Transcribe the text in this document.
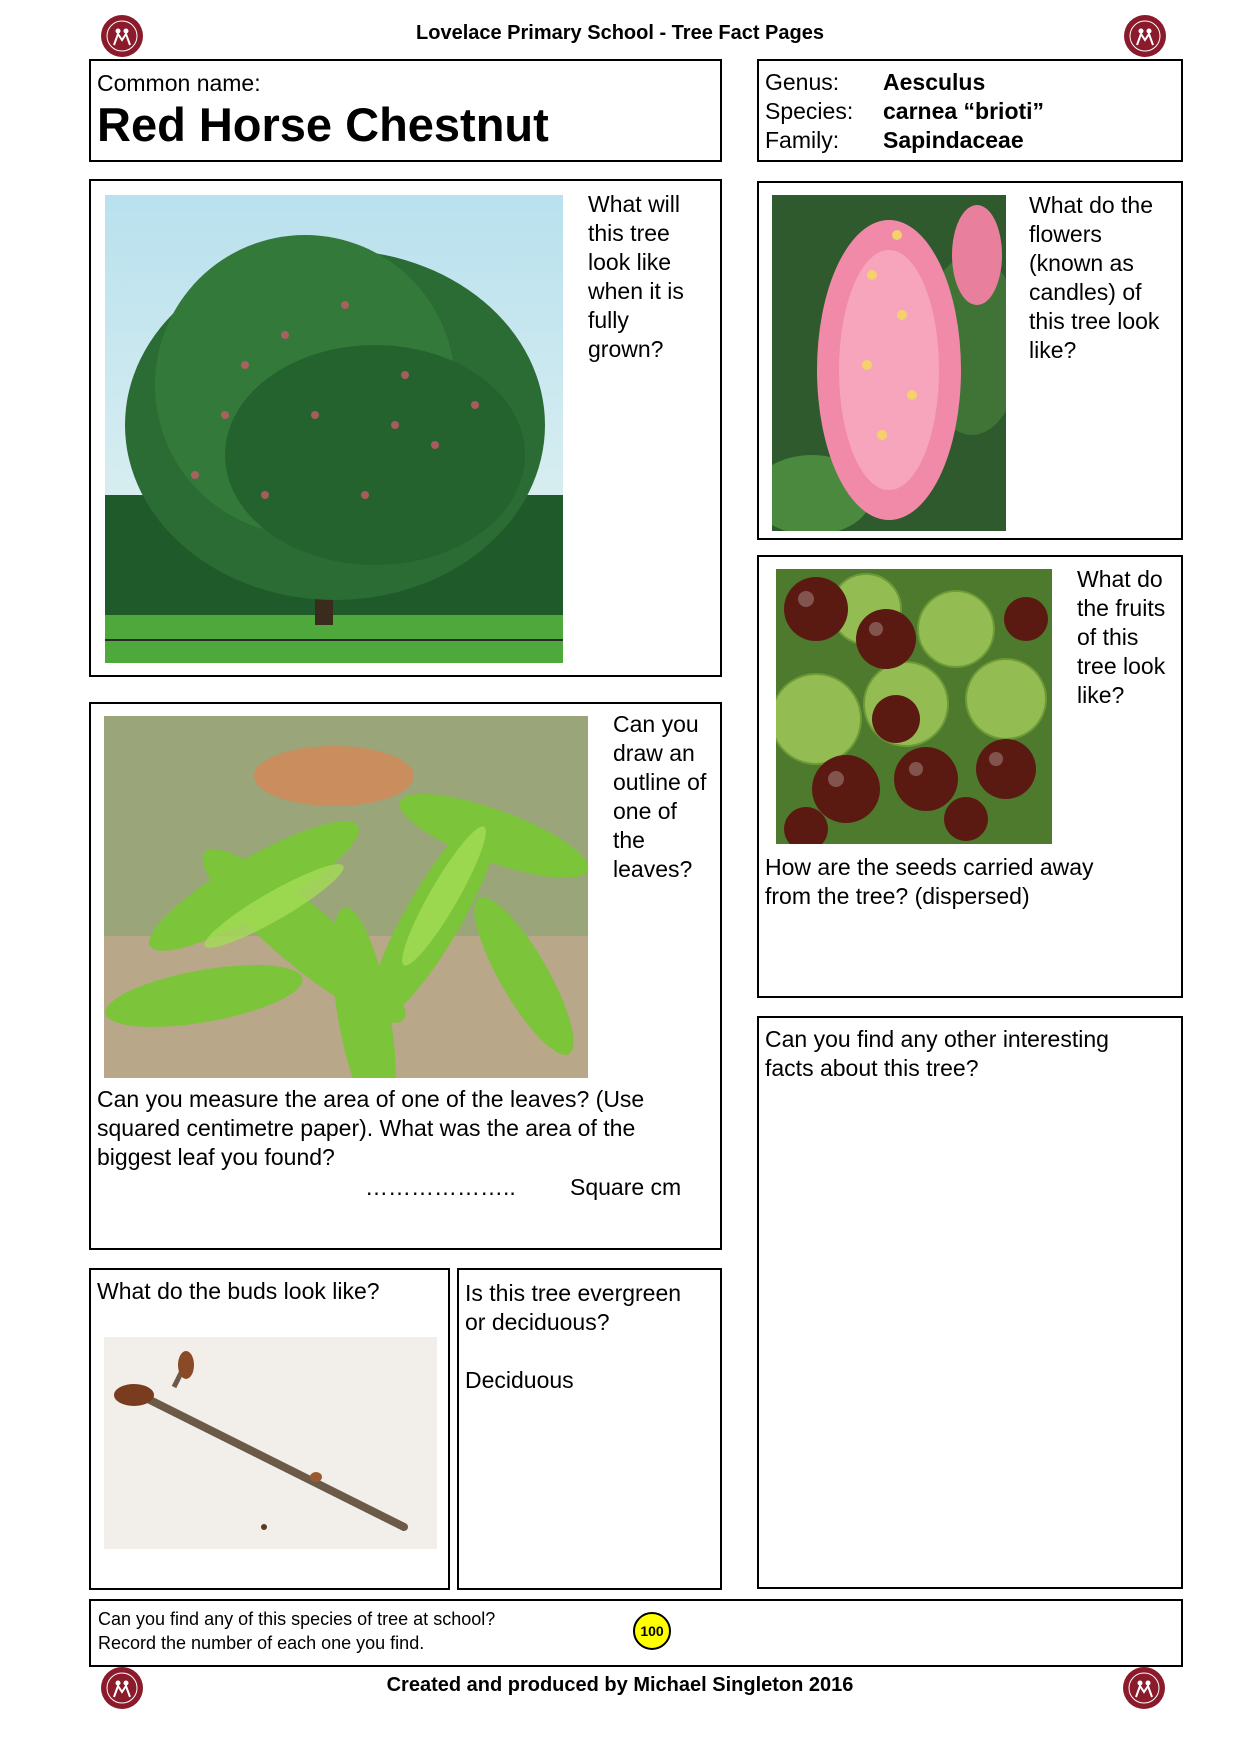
Lovelace Primary School - Tree Fact Pages
Common name:
Red Horse Chestnut
Genus: Aesculus
Species: carnea “brioti”
Family: Sapindaceae
What will
this tree
look like
when it is
fully
grown?
What do the
flowers
(known as
candles) of
this tree look
like?
Can you
draw an
outline of
one of
the
leaves?
Can you measure the area of one of the leaves? (Use
squared centimetre paper). What was the area of the
biggest leaf you found?
……………….. Square cm
What do
the fruits
of this
tree look
like?
How are the seeds carried away
from the tree? (dispersed)
Can you find any other interesting
facts about this tree?
What do the buds look like?	Is this tree evergreen
or deciduous?
Deciduous
Can you find any of this species of tree at school?
Record the number of each one you find.
100
Created and produced by Michael Singleton 2016
